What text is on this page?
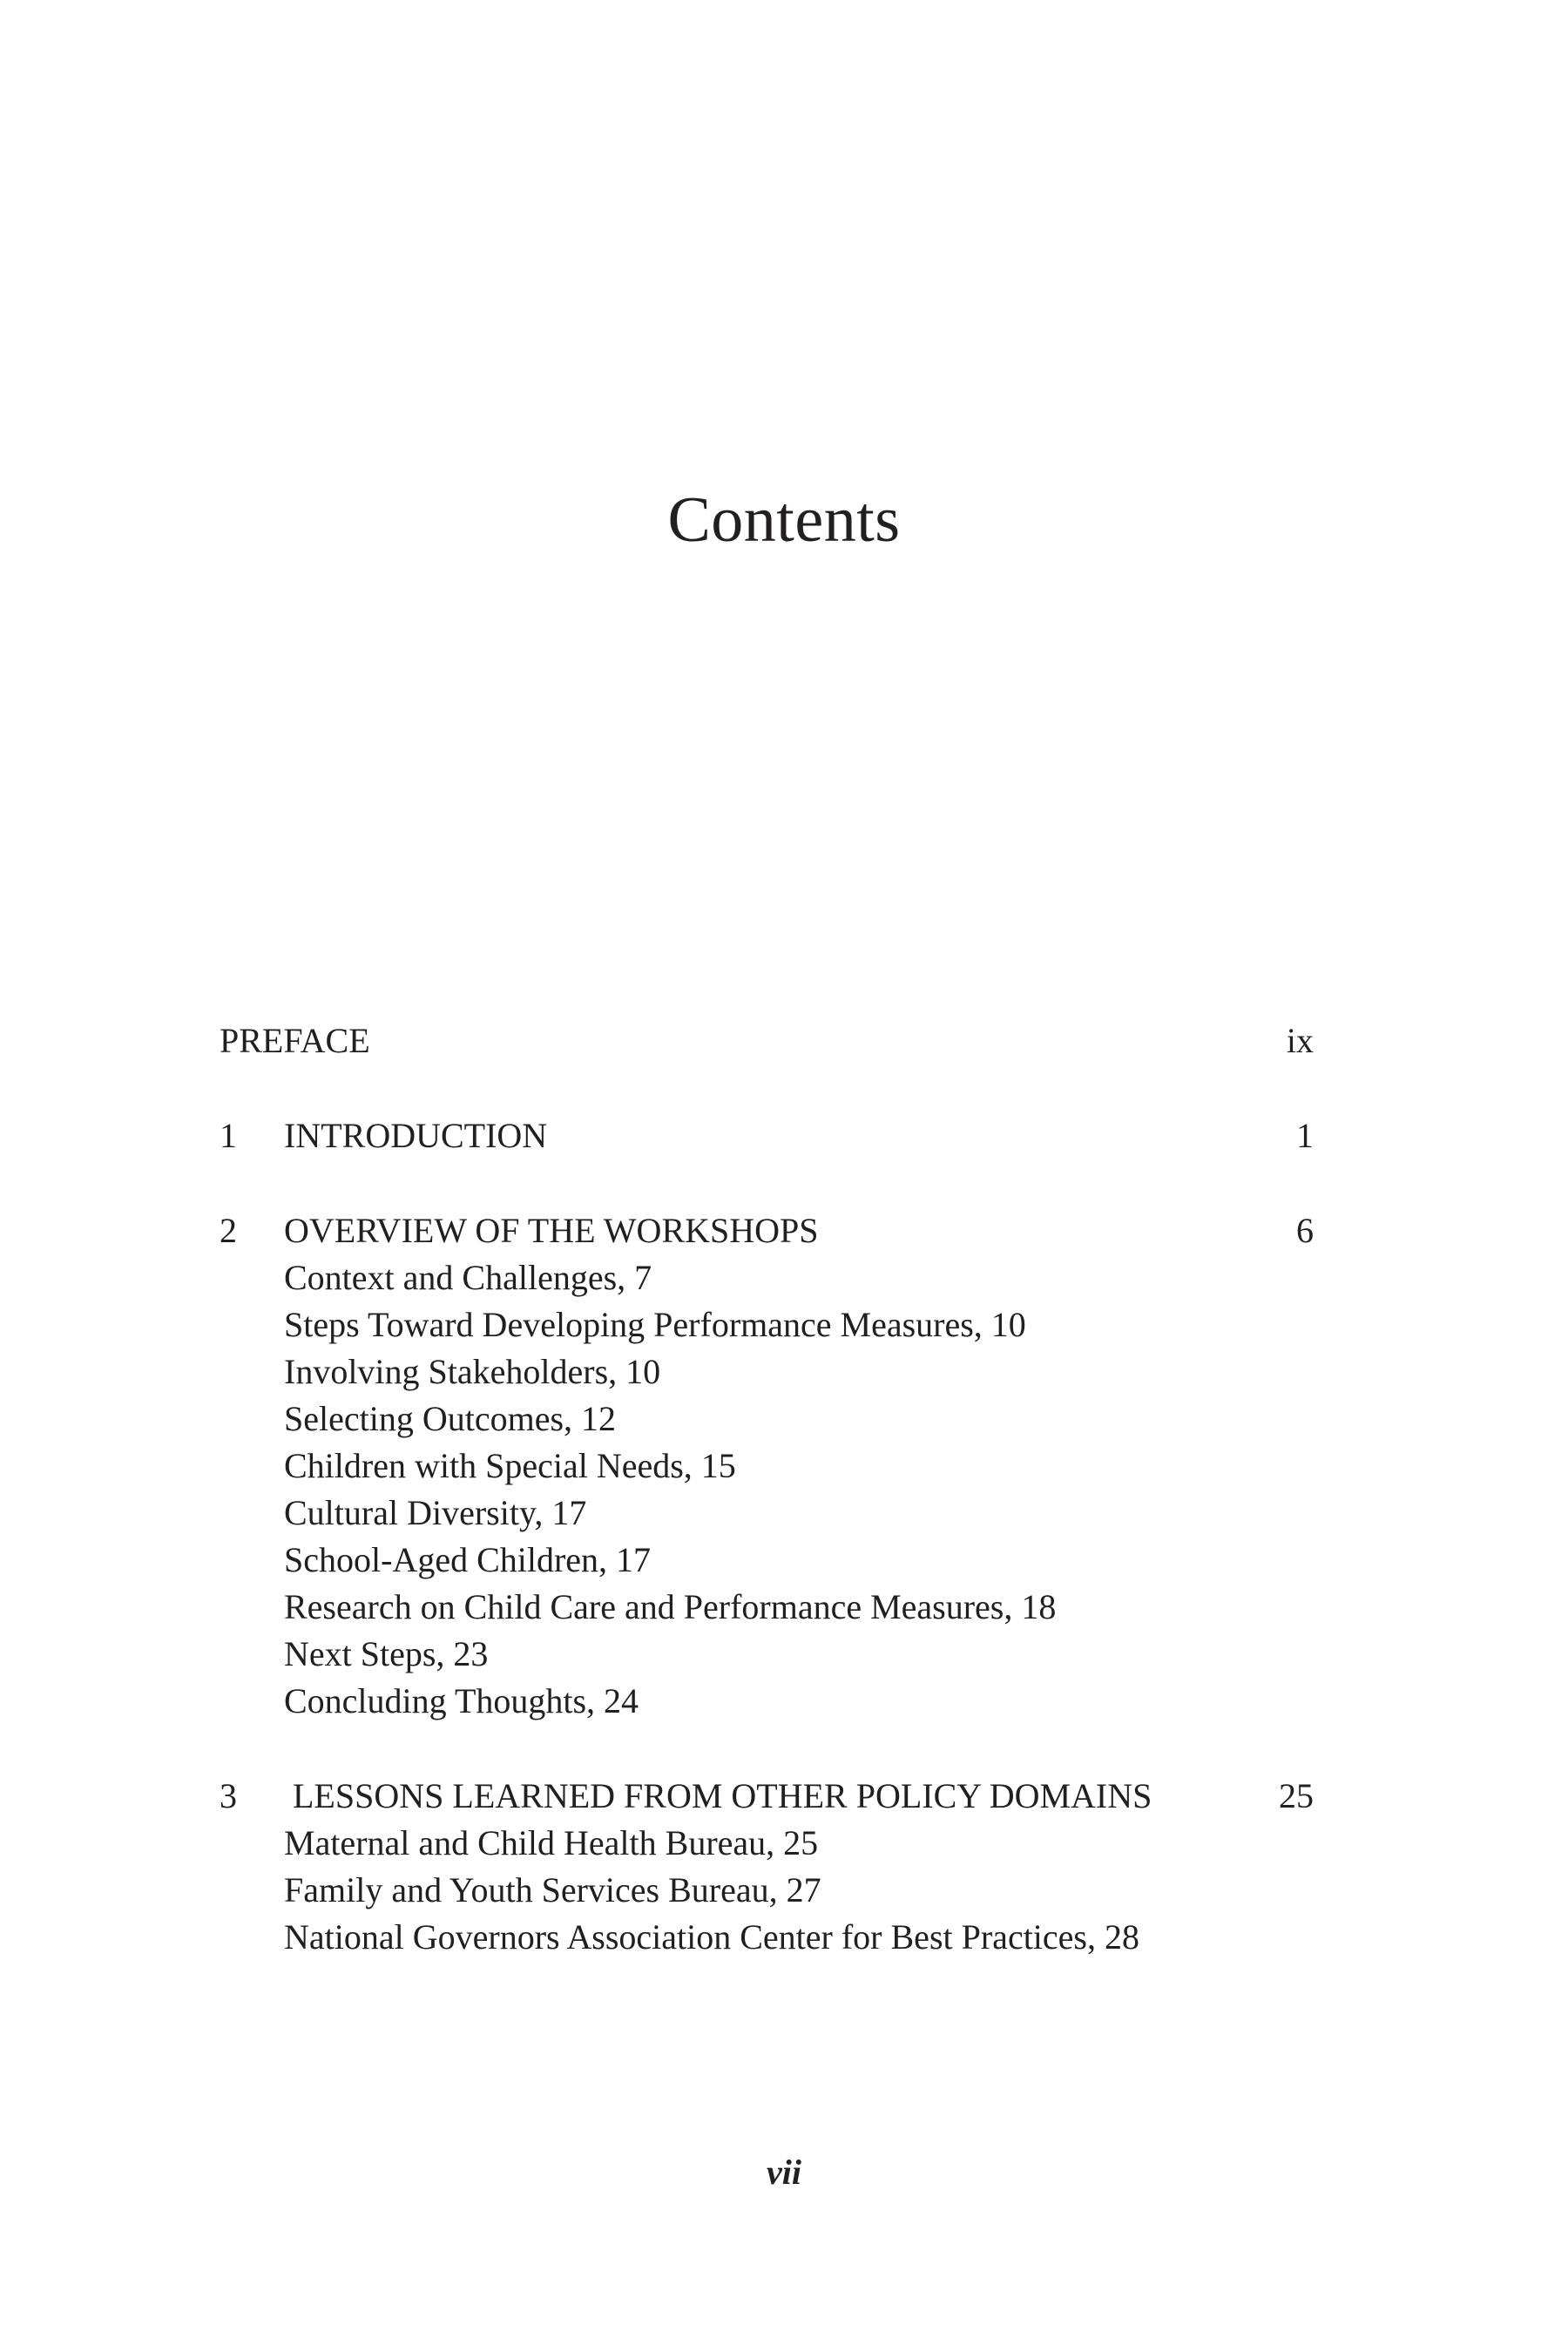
Contents
PREFACE	ix
1 INTRODUCTION	1
2 OVERVIEW OF THE WORKSHOPS	6
Context and Challenges, 7
Steps Toward Developing Performance Measures, 10
Involving Stakeholders, 10
Selecting Outcomes, 12
Children with Special Needs, 15
Cultural Diversity, 17
School-Aged Children, 17
Research on Child Care and Performance Measures, 18
Next Steps, 23
Concluding Thoughts, 24
3 LESSONS LEARNED FROM OTHER POLICY DOMAINS	25
Maternal and Child Health Bureau, 25
Family and Youth Services Bureau, 27
National Governors Association Center for Best Practices, 28
vii
